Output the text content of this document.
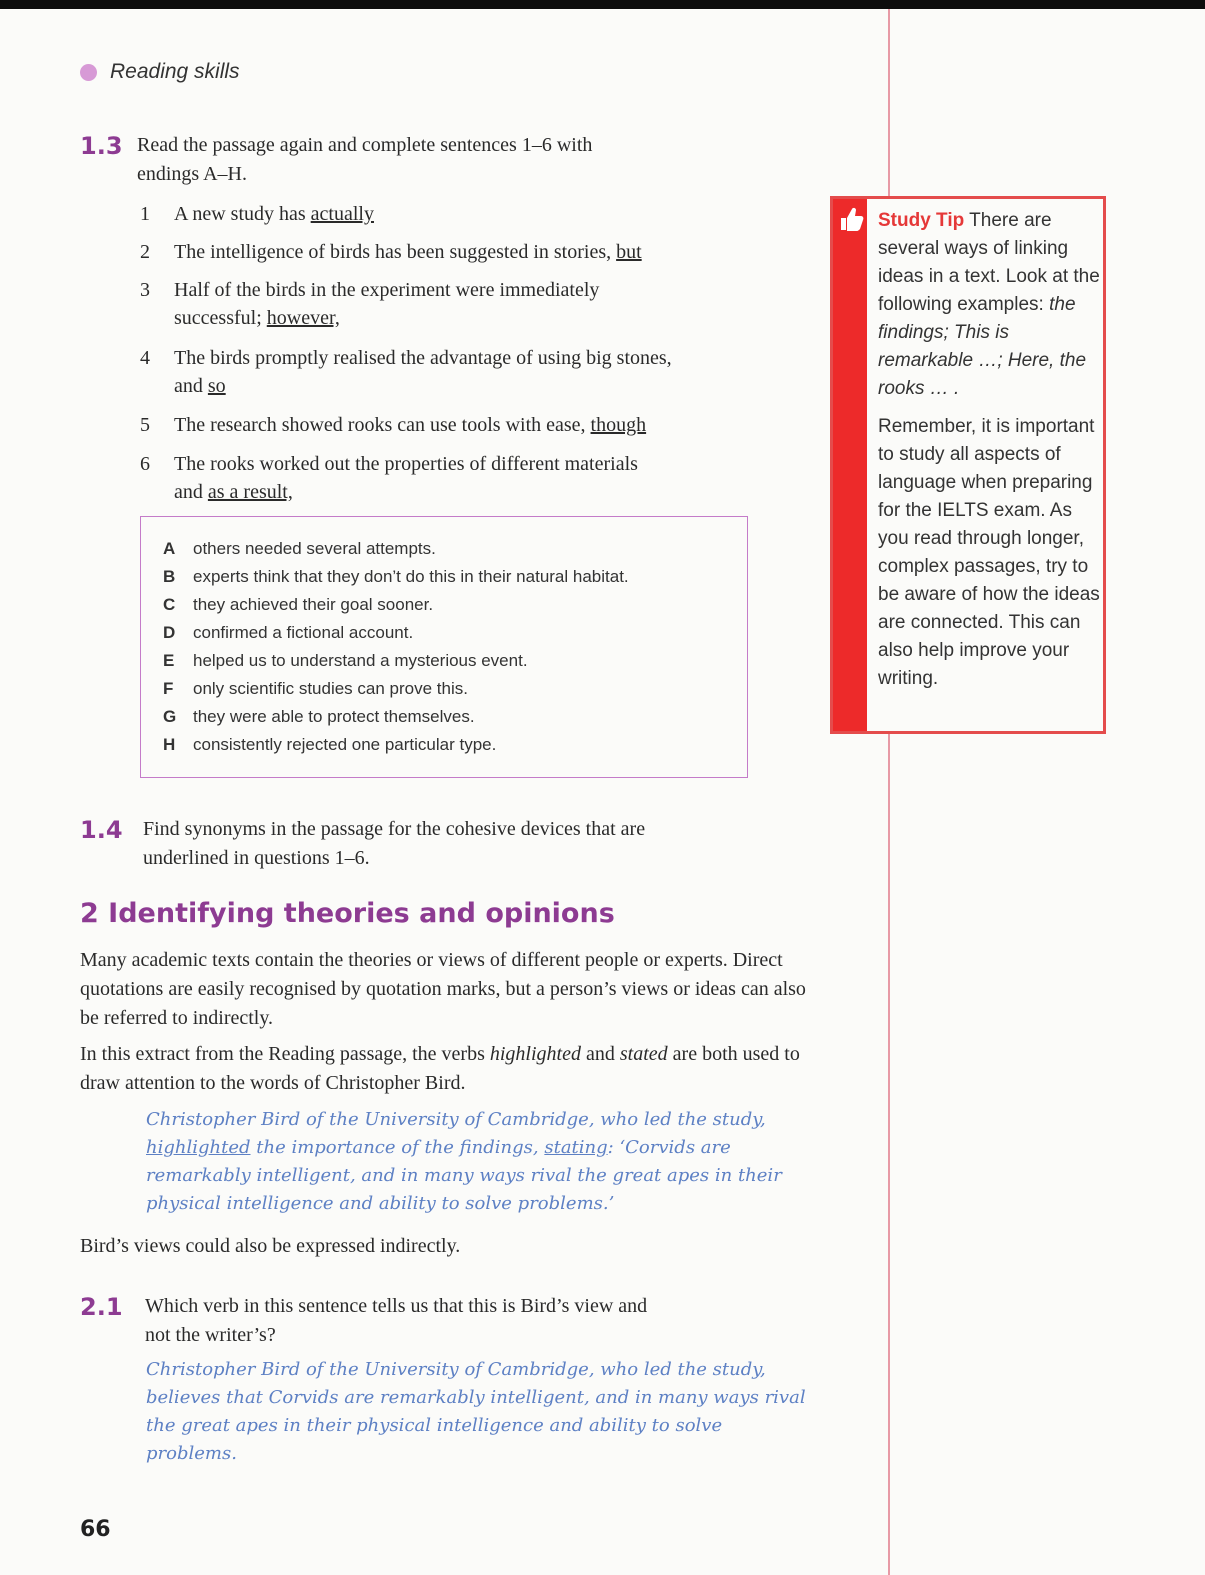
Reading skills
1.3 Read the passage again and complete sentences 1–6 with
endings A–H.
1	A new study has actually
2	The intelligence of birds has been suggested in stories, but
3	Half of the birds in the experiment were immediately
successful; however,
4	The birds promptly realised the advantage of using big stones,
and so
5	The research showed rooks can use tools with ease, though
6	The rooks worked out the properties of different materials
and as a result,
A others needed several attempts.
B experts think that they don’t do this in their natural habitat.
C they achieved their goal sooner.
D confirmed a fictional account.
E helped us to understand a mysterious event.
F only scientific studies can prove this.
G they were able to protect themselves.
H consistently rejected one particular type.
1.4 Find synonyms in the passage for the cohesive devices that are
underlined in questions 1–6.
2 Identifying theories and opinions
Many academic texts contain the theories or views of different people or experts. Direct quotations are easily recognised by quotation marks, but a person’s views or ideas can also be referred to indirectly.
In this extract from the Reading passage, the verbs highlighted and stated are both used to draw attention to the words of Christopher Bird.
Christopher Bird of the University of Cambridge, who led the study, highlighted the importance of the findings, stating: ‘Corvids are remarkably intelligent, and in many ways rival the great apes in their physical intelligence and ability to solve problems.’
Bird’s views could also be expressed indirectly.
2.1 Which verb in this sentence tells us that this is Bird’s view and
not the writer’s?
Christopher Bird of the University of Cambridge, who led the study, believes that Corvids are remarkably intelligent, and in many ways rival the great apes in their physical intelligence and ability to solve problems.

Study Tip There are several ways of linking ideas in a text. Look at the following examples: the findings; This is remarkable …; Here, the rooks … .

Remember, it is important to study all aspects of language when preparing for the IELTS exam. As you read through longer, complex passages, try to be aware of how the ideas are connected. This can also help improve your writing.

66
